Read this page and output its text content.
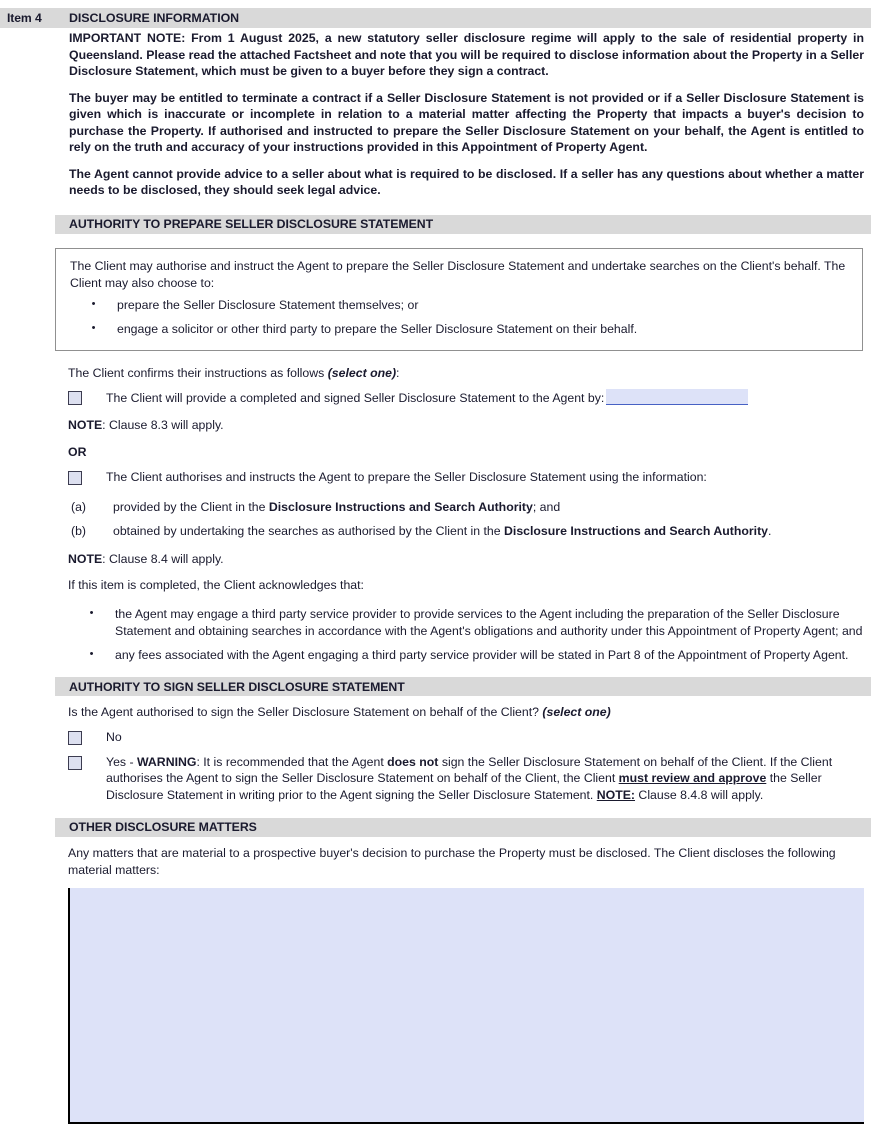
Item 4	DISCLOSURE INFORMATION

IMPORTANT NOTE: From 1 August 2025, a new statutory seller disclosure regime will apply to the sale of residential property in Queensland. Please read the attached Factsheet and note that you will be required to disclose information about the Property in a Seller Disclosure Statement, which must be given to a buyer before they sign a contract.

The buyer may be entitled to terminate a contract if a Seller Disclosure Statement is not provided or if a Seller Disclosure Statement is given which is inaccurate or incomplete in relation to a material matter affecting the Property that impacts a buyer's decision to purchase the Property. If authorised and instructed to prepare the Seller Disclosure Statement on your behalf, the Agent is entitled to rely on the truth and accuracy of your instructions provided in this Appointment of Property Agent.

The Agent cannot provide advice to a seller about what is required to be disclosed. If a seller has any questions about whether a matter needs to be disclosed, they should seek legal advice.

AUTHORITY TO PREPARE SELLER DISCLOSURE STATEMENT

The Client may authorise and instruct the Agent to prepare the Seller Disclosure Statement and undertake searches on the Client's behalf. The Client may also choose to:

•	prepare the Seller Disclosure Statement themselves; or
•	engage a solicitor or other third party to prepare the Seller Disclosure Statement on their behalf.

The Client confirms their instructions as follows (select one):

The Client will provide a completed and signed Seller Disclosure Statement to the Agent by:

NOTE: Clause 8.3 will apply.

OR

The Client authorises and instructs the Agent to prepare the Seller Disclosure Statement using the information:
(a)	provided by the Client in the Disclosure Instructions and Search Authority; and
(b)	obtained by undertaking the searches as authorised by the Client in the Disclosure Instructions and Search Authority.

NOTE: Clause 8.4 will apply.

If this item is completed, the Client acknowledges that:

•	the Agent may engage a third party service provider to provide services to the Agent including the preparation of the Seller Disclosure Statement and obtaining searches in accordance with the Agent's obligations and authority under this Appointment of Property Agent; and
•	any fees associated with the Agent engaging a third party service provider will be stated in Part 8 of the Appointment of Property Agent.
AUTHORITY TO SIGN SELLER DISCLOSURE STATEMENT

Is the Agent authorised to sign the Seller Disclosure Statement on behalf of the Client? (select one)

No
Yes - WARNING: It is recommended that the Agent does not sign the Seller Disclosure Statement on behalf of the Client. If the Client authorises the Agent to sign the Seller Disclosure Statement on behalf of the Client, the Client must review and approve the Seller Disclosure Statement in writing prior to the Agent signing the Seller Disclosure Statement. NOTE: Clause 8.4.8 will apply.
OTHER DISCLOSURE MATTERS

Any matters that are material to a prospective buyer's decision to purchase the Property must be disclosed. The Client discloses the following material matters:
